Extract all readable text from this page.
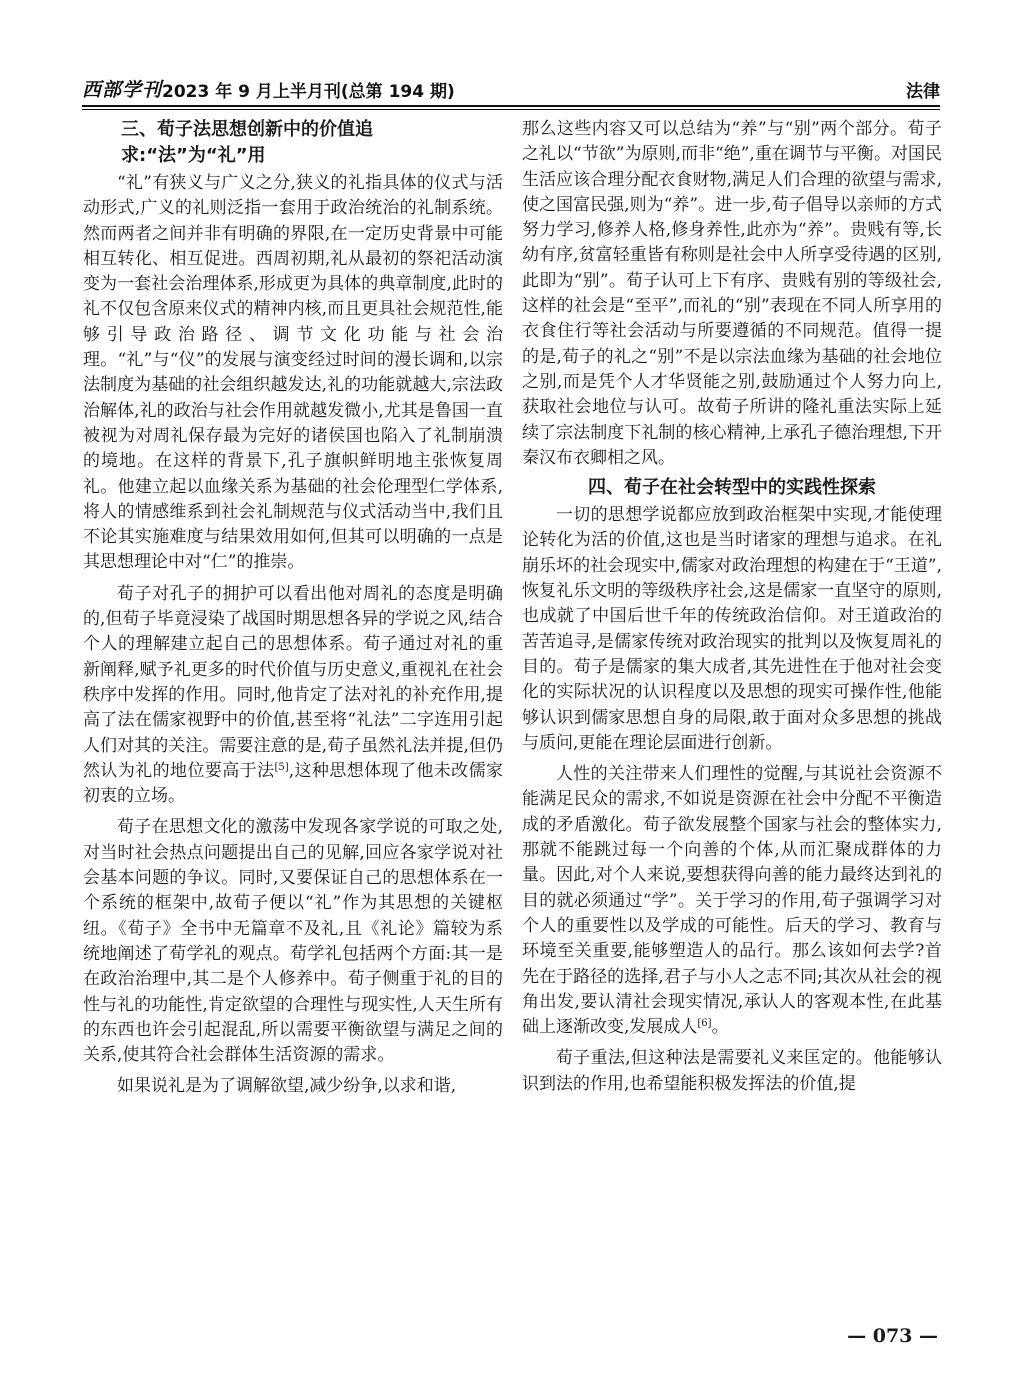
西部学刊 2023 年 9 月上半月刊(总第 194 期)	法律
三、荀子法思想创新中的价值追求:“法”为“礼”用

“礼”有狭义与广义之分,狭义的礼指具体的仪式与活动形式,广义的礼则泛指一套用于政治统治的礼制系统。然而两者之间并非有明确的界限,在一定历史背景中可能相互转化、相互促进。西周初期,礼从最初的祭祀活动演变为一套社会治理体系,形成更为具体的典章制度,此时的礼不仅包含原来仪式的精神内核,而且更具社会规范性,能够引导政治路径、调节文化功能与社会治理。“礼”与“仪”的发展与演变经过时间的漫长调和,以宗法制度为基础的社会组织越发达,礼的功能就越大,宗法政治解体,礼的政治与社会作用就越发微小,尤其是鲁国一直被视为对周礼保存最为完好的诸侯国也陷入了礼制崩溃的境地。在这样的背景下,孔子旗帜鲜明地主张恢复周礼。他建立起以血缘关系为基础的社会伦理型仁学体系,将人的情感维系到社会礼制规范与仪式活动当中,我们且不论其实施难度与结果效用如何,但其可以明确的一点是其思想理论中对“仁”的推崇。

荀子对孔子的拥护可以看出他对周礼的态度是明确的,但荀子毕竟浸染了战国时期思想各异的学说之风,结合个人的理解建立起自己的思想体系。荀子通过对礼的重新阐释,赋予礼更多的时代价值与历史意义,重视礼在社会秩序中发挥的作用。同时,他肯定了法对礼的补充作用,提高了法在儒家视野中的价值,甚至将“礼法”二字连用引起人们对其的关注。需要注意的是,荀子虽然礼法并提,但仍然认为礼的地位要高于法[5],这种思想体现了他未改儒家初衷的立场。

荀子在思想文化的激荡中发现各家学说的可取之处,对当时社会热点问题提出自己的见解,回应各家学说对社会基本问题的争议。同时,又要保证自己的思想体系在一个系统的框架中,故荀子便以“礼”作为其思想的关键枢纽。《荀子》全书中无篇章不及礼,且《礼论》篇较为系统地阐述了荀学礼的观点。荀学礼包括两个方面:其一是在政治治理中,其二是个人修养中。荀子侧重于礼的目的性与礼的功能性,肯定欲望的合理性与现实性,人天生所有的东西也许会引起混乱,所以需要平衡欲望与满足之间的关系,使其符合社会群体生活资源的需求。

如果说礼是为了调解欲望,减少纷争,以求和谐,

那么这些内容又可以总结为“养”与“别”两个部分。荀子之礼以“节欲”为原则,而非“绝”,重在调节与平衡。对国民生活应该合理分配衣食财物,满足人们合理的欲望与需求,使之国富民强,则为“养”。进一步,荀子倡导以亲师的方式努力学习,修养人格,修身养性,此亦为“养”。贵贱有等,长幼有序,贫富轻重皆有称则是社会中人所享受待遇的区别,此即为“别”。荀子认可上下有序、贵贱有别的等级社会,这样的社会是“至平”,而礼的“别”表现在不同人所享用的衣食住行等社会活动与所要遵循的不同规范。值得一提的是,荀子的礼之“别”不是以宗法血缘为基础的社会地位之别,而是凭个人才华贤能之别,鼓励通过个人努力向上,获取社会地位与认可。故荀子所讲的隆礼重法实际上延续了宗法制度下礼制的核心精神,上承孔子德治理想,下开秦汉布衣卿相之风。

四、荀子在社会转型中的实践性探索

一切的思想学说都应放到政治框架中实现,才能使理论转化为活的价值,这也是当时诸家的理想与追求。在礼崩乐坏的社会现实中,儒家对政治理想的构建在于“王道”,恢复礼乐文明的等级秩序社会,这是儒家一直坚守的原则,也成就了中国后世千年的传统政治信仰。对王道政治的苦苦追寻,是儒家传统对政治现实的批判以及恢复周礼的目的。荀子是儒家的集大成者,其先进性在于他对社会变化的实际状况的认识程度以及思想的现实可操作性,他能够认识到儒家思想自身的局限,敢于面对众多思想的挑战与质问,更能在理论层面进行创新。

人性的关注带来人们理性的觉醒,与其说社会资源不能满足民众的需求,不如说是资源在社会中分配不平衡造成的矛盾激化。荀子欲发展整个国家与社会的整体实力,那就不能跳过每一个向善的个体,从而汇聚成群体的力量。因此,对个人来说,要想获得向善的能力最终达到礼的目的就必须通过“学”。关于学习的作用,荀子强调学习对个人的重要性以及学成的可能性。后天的学习、教育与环境至关重要,能够塑造人的品行。那么该如何去学?首先在于路径的选择,君子与小人之志不同;其次从社会的视角出发,要认清社会现实情况,承认人的客观本性,在此基础上逐渐改变,发展成人[6]。

荀子重法,但这种法是需要礼义来匡定的。他能够认识到法的作用,也希望能积极发挥法的价值,提

— 073 —
